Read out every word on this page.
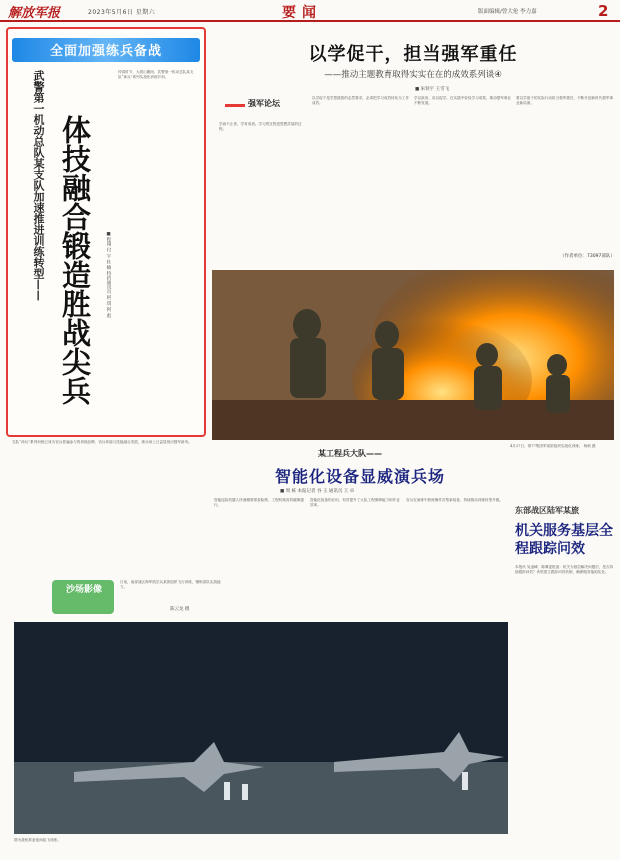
解放军报	2023年5月6日 星期六	要闻	版面编辑/曾大伦 李力嘉	2
全面加强练兵备战
武警第一机动总队某支队加速推进训练转型—— 体技融合锻造胜战尖兵	■程翔 付 宇 杜 楠 特约通讯员 阿 琪 阿 彪
仲春时节，大漠山麓间，武警第一机动总队某支队“神兵”系列实战化训练开训。
支队“神兵”系列训练已成为官兵普遍参与的训练品牌，官兵体能与技能融合发展，练兵场上日益显现出强军新风。
以学促干，担当强军重任
——推动主题教育取得实实在在的成效系列谈④
■ 朱铁宇 王雪飞
强军论坛
学而不止者，学有成者。学习的过程是思想武装的过程。
以学促干是学思践悟的必然要求，必须把学习成效转化为工作成效。
学以致用、用以促学，在实践中检验学习成果，推动强军事业不断发展。
要以学促干的实际行动担当强军重任，不断开创新时代强军事业新局面。
（作者单位：73097部队）
4月27日，第77集团军某旅组织实战化训练。 杨帆 摄
某工程兵大队——
智能化设备显威演兵场
■ 周 栋 本报记者 谷 玉 通讯员 王 卓
智能巡检机器人快速精准排查险情，工程机械高效破障通行。
智能化装备的应用，有效提升了大队工程保障能力和作业效率。
官兵在演练中熟练操作各型新装备，持续推动训练转型升级。
东部战区陆军某旅
机关服务基层全程跟踪问效
本报讯 吴凌峰、陈佩雯报道：机关为基层解决问题后，是否持续跟踪问效？该旅建立跟踪问效机制，确保服务落到实处。
沙场影像
日前，南部战区海军航空兵某旅组织飞行训练，锤炼部队实战能力。
陈云龙 摄
图为战机准备夜间起飞训练。
